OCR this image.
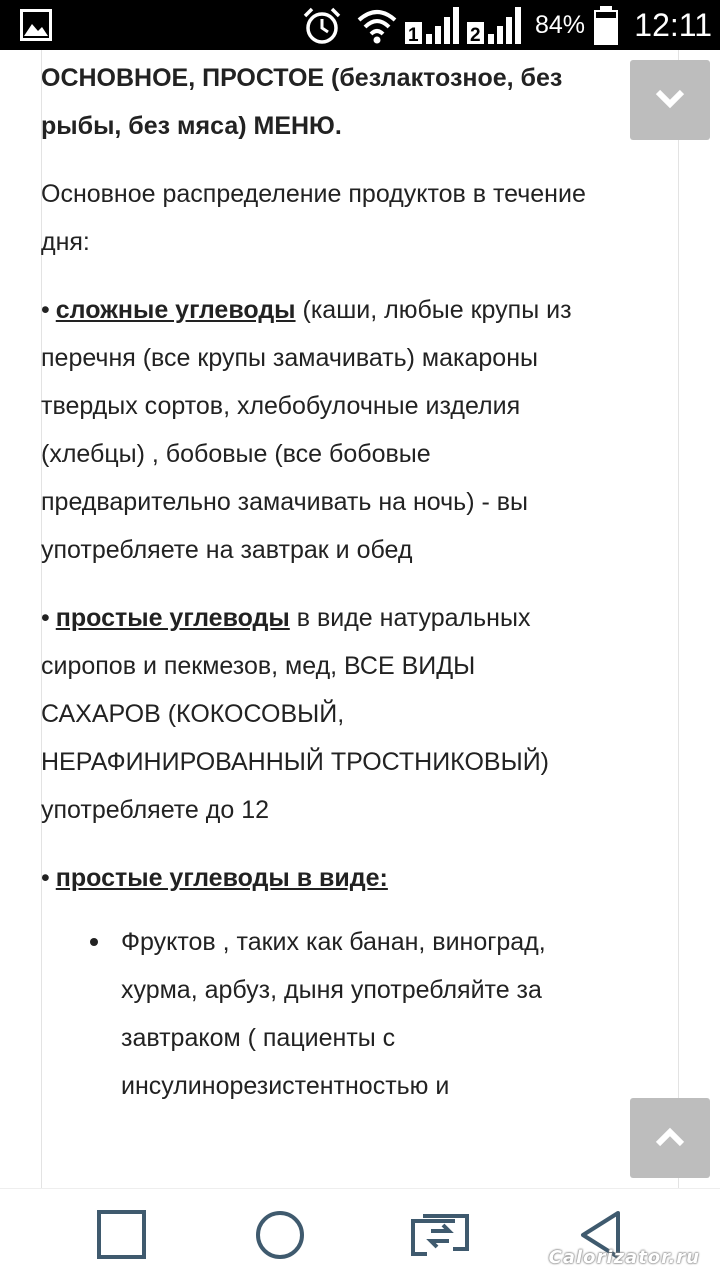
1	2 84% 12:11

ОСНОВНОЕ, ПРОСТОЕ (безлактозное, без рыбы, без мяса) МЕНЮ.

Основное распределение продуктов в течение дня:

• сложные углеводы (каши, любые крупы из перечня (все крупы замачивать) макароны твердых сортов, хлебобулочные изделия (хлебцы) , бобовые (все бобовые предварительно замачивать на ночь) - вы употребляете на завтрак и обед

• простые углеводы в виде натуральных сиропов и пекмезов, мед, ВСЕ ВИДЫ САХАРОВ (КОКОСОВЫЙ, НЕРАФИНИРОВАННЫЙ ТРОСТНИКОВЫЙ) употребляете до 12

• простые углеводы в виде:

Фруктов , таких как банан, виноград, хурма, арбуз, дыня употребляйте за завтраком ( пациенты с инсулинорезистентностью и
Calorizator.ru
